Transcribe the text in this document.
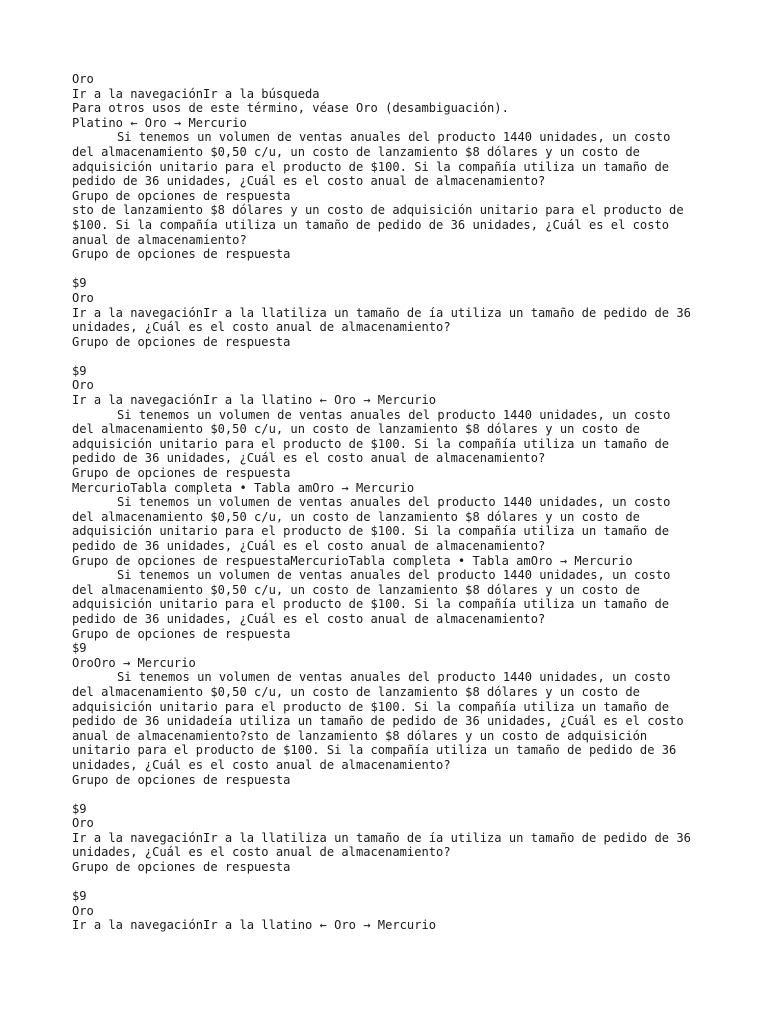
Oro
Ir a la navegaciónIr a la búsqueda
Para otros usos de este término, véase Oro (desambiguación).
Platino ← Oro → Mercurio
Si tenemos un volumen de ventas anuales del producto 1440 unidades, un costo del almacenamiento $0,50 c/u, un costo de lanzamiento $8 dólares y un costo de adquisición unitario para el producto de $100. Si la compañía utiliza un tamaño de pedido de 36 unidades, ¿Cuál es el costo anual de almacenamiento?
Grupo de opciones de respuesta
sto de lanzamiento $8 dólares y un costo de adquisición unitario para el producto de $100. Si la compañía utiliza un tamaño de pedido de 36 unidades, ¿Cuál es el costo anual de almacenamiento?
Grupo de opciones de respuesta
$9
Oro
Ir a la navegaciónIr a la llatiliza un tamaño de ía utiliza un tamaño de pedido de 36 unidades, ¿Cuál es el costo anual de almacenamiento?
Grupo de opciones de respuesta
$9
Oro
Ir a la navegaciónIr a la llatino ← Oro → Mercurio
Si tenemos un volumen de ventas anuales del producto 1440 unidades, un costo del almacenamiento $0,50 c/u, un costo de lanzamiento $8 dólares y un costo de adquisición unitario para el producto de $100. Si la compañía utiliza un tamaño de pedido de 36 unidades, ¿Cuál es el costo anual de almacenamiento?
Grupo de opciones de respuesta
MercurioTabla completa • Tabla amOro → Mercurio
Si tenemos un volumen de ventas anuales del producto 1440 unidades, un costo del almacenamiento $0,50 c/u, un costo de lanzamiento $8 dólares y un costo de adquisición unitario para el producto de $100. Si la compañía utiliza un tamaño de pedido de 36 unidades, ¿Cuál es el costo anual de almacenamiento?
Grupo de opciones de respuestaMercurioTabla completa • Tabla amOro → Mercurio
Si tenemos un volumen de ventas anuales del producto 1440 unidades, un costo del almacenamiento $0,50 c/u, un costo de lanzamiento $8 dólares y un costo de adquisición unitario para el producto de $100. Si la compañía utiliza un tamaño de pedido de 36 unidades, ¿Cuál es el costo anual de almacenamiento?
Grupo de opciones de respuesta
$9
OroOro → Mercurio
Si tenemos un volumen de ventas anuales del producto 1440 unidades, un costo del almacenamiento $0,50 c/u, un costo de lanzamiento $8 dólares y un costo de adquisición unitario para el producto de $100. Si la compañía utiliza un tamaño de pedido de 36 unidadeía utiliza un tamaño de pedido de 36 unidades, ¿Cuál es el costo anual de almacenamiento?sto de lanzamiento $8 dólares y un costo de adquisición unitario para el producto de $100. Si la compañía utiliza un tamaño de pedido de 36 unidades, ¿Cuál es el costo anual de almacenamiento?
Grupo de opciones de respuesta
$9
Oro
Ir a la navegaciónIr a la llatiliza un tamaño de ía utiliza un tamaño de pedido de 36 unidades, ¿Cuál es el costo anual de almacenamiento?
Grupo de opciones de respuesta
$9
Oro
Ir a la navegaciónIr a la llatino ← Oro → Mercurio
